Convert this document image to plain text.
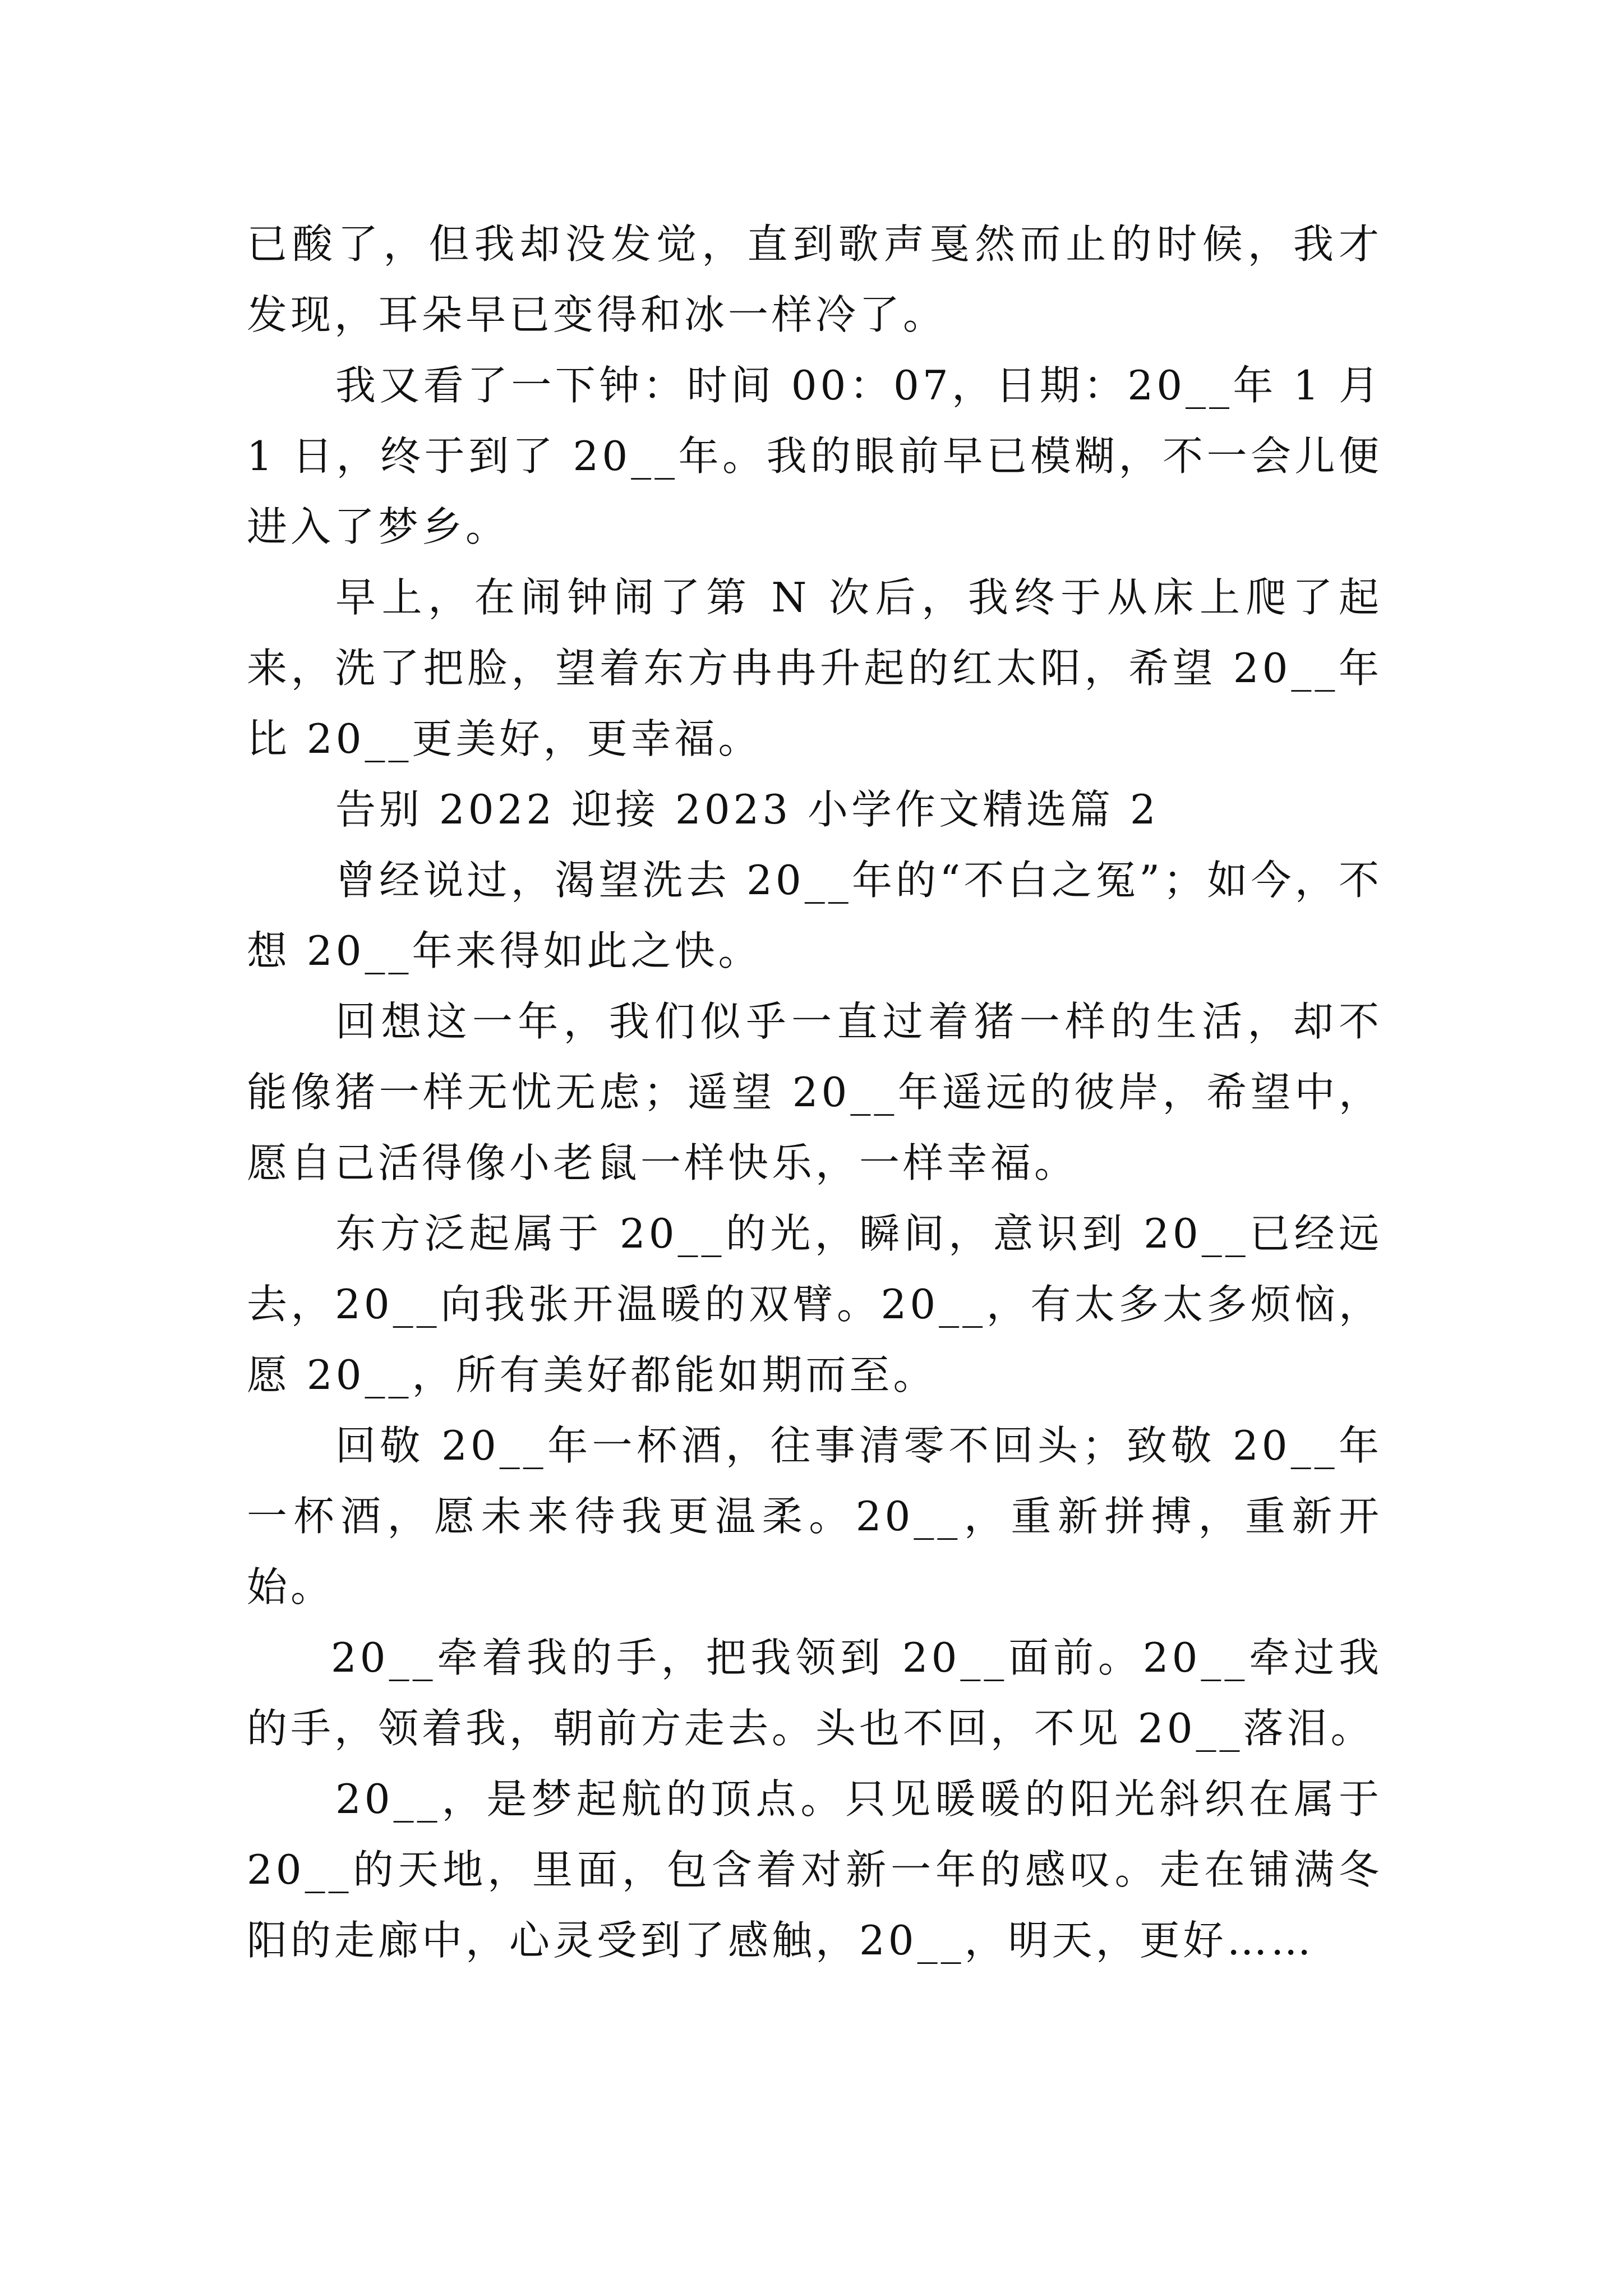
已酸了，但我却没发觉，直到歌声戛然而止的时候，我才发现，耳朵早已变得和冰一样冷了。

我又看了一下钟：时间 00：07，日期：20__年 1 月 1 日，终于到了 20__年。我的眼前早已模糊，不一会儿便进入了梦乡。

早上，在闹钟闹了第 N 次后，我终于从床上爬了起来，洗了把脸，望着东方冉冉升起的红太阳，希望 20__年比 20__更美好，更幸福。

告别 2022 迎接 2023 小学作文精选篇 2

曾经说过，渴望洗去 20__年的“不白之冤”；如今，不想 20__年来得如此之快。

回想这一年，我们似乎一直过着猪一样的生活，却不能像猪一样无忧无虑；遥望 20__年遥远的彼岸，希望中，愿自己活得像小老鼠一样快乐，一样幸福。

东方泛起属于 20__的光，瞬间，意识到 20__已经远去，20__向我张开温暖的双臂。20__，有太多太多烦恼，愿 20__，所有美好都能如期而至。

回敬 20__年一杯酒，往事清零不回头；致敬 20__年一杯酒，愿未来待我更温柔。20__，重新拼搏，重新开始。

20__牵着我的手，把我领到 20__面前。20__牵过我的手，领着我，朝前方走去。头也不回，不见 20__落泪。

20__，是梦起航的顶点。只见暖暖的阳光斜织在属于 20__的天地，里面，包含着对新一年的感叹。走在铺满冬阳的走廊中，心灵受到了感触，20__，明天，更好……
